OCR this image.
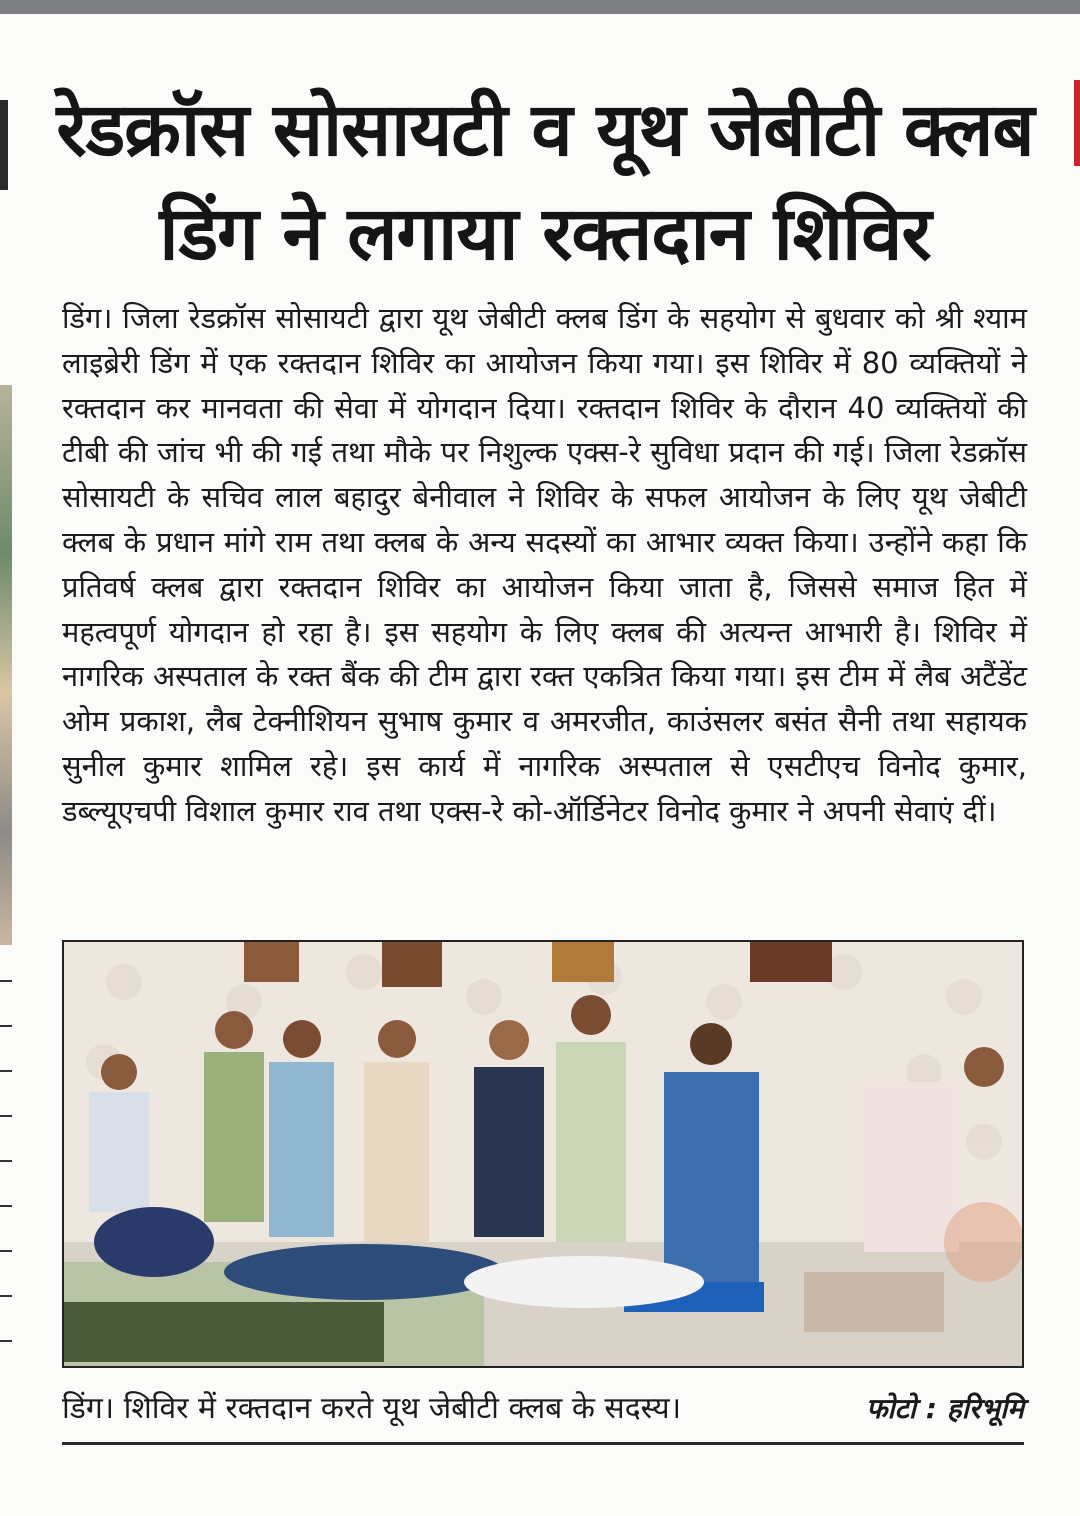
रेडक्रॉस सोसायटी व यूथ जेबीटी क्लब
डिंग ने लगाया रक्तदान शिविर

डिंग। जिला रेडक्रॉस सोसायटी द्वारा यूथ जेबीटी क्लब डिंग के सहयोग से बुधवार को श्री श्याम लाइब्रेरी डिंग में एक रक्तदान शिविर का आयोजन किया गया। इस शिविर में 80 व्यक्तियों ने रक्तदान कर मानवता की सेवा में योगदान दिया। रक्तदान शिविर के दौरान 40 व्यक्तियों की टीबी की जांच भी की गई तथा मौके पर निशुल्क एक्स-रे सुविधा प्रदान की गई। जिला रेडक्रॉस सोसायटी के सचिव लाल बहादुर बेनीवाल ने शिविर के सफल आयोजन के लिए यूथ जेबीटी क्लब के प्रधान मांगे राम तथा क्लब के अन्य सदस्यों का आभार व्यक्त किया। उन्होंने कहा कि प्रतिवर्ष क्लब द्वारा रक्तदान शिविर का आयोजन किया जाता है, जिससे समाज हित में महत्वपूर्ण योगदान हो रहा है। इस सहयोग के लिए क्लब की अत्यन्त आभारी है। शिविर में नागरिक अस्पताल के रक्त बैंक की टीम द्वारा रक्त एकत्रित किया गया। इस टीम में लैब अटैंडेंट ओम प्रकाश, लैब टेक्नीशियन सुभाष कुमार व अमरजीत, काउंसलर बसंत सैनी तथा सहायक सुनील कुमार शामिल रहे। इस कार्य में नागरिक अस्पताल से एसटीएच विनोद कुमार, डब्ल्यूएचपी विशाल कुमार राव तथा एक्स-रे को-ऑर्डिनेटर विनोद कुमार ने अपनी सेवाएं दीं।

डिंग। शिविर में रक्तदान करते यूथ जेबीटी क्लब के सदस्य।	फोटो : हरिभूमि
